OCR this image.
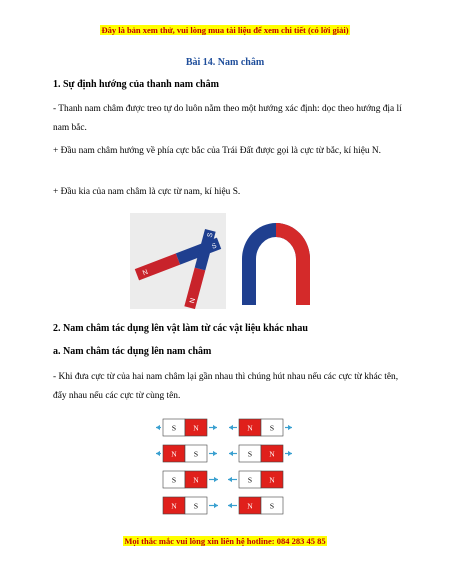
Đây là bản xem thử, vui lòng mua tài liệu để xem chi tiết (có lời giải)
Bài 14. Nam châm
1. Sự định hướng của thanh nam châm
- Thanh nam châm được treo tự do luôn nằm theo một hướng xác định: dọc theo hướng địa lí nam bắc.
+ Đầu nam châm hướng về phía cực bắc của Trái Đất được gọi là cực từ bắc, kí hiệu N.
+ Đầu kia của nam châm là cực từ nam, kí hiệu S.
N
S
N
S
2. Nam châm tác dụng lên vật làm từ các vật liệu khác nhau
a. Nam châm tác dụng lên nam châm
- Khi đưa cực từ của hai nam châm lại gần nhau thì chúng hút nhau nếu các cực từ khác tên, đẩy nhau nếu các cực từ cùng tên.
S N	N S
N S	S N
S N	S N
N S	N S
Mọi thắc mắc vui lòng xin liên hệ hotline: 084 283 45 85
